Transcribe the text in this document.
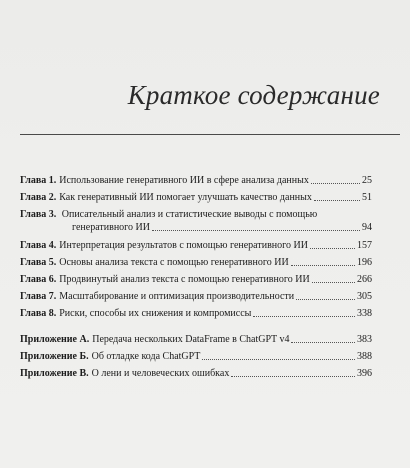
Краткое содержание
Глава 1. Использование генеративного ИИ в сфере анализа данных	25
Глава 2. Как генеративный ИИ помогает улучшать качество данных	51
Глава 3. Описательный анализ и статистические выводы с помощью
генеративного ИИ	94
Глава 4. Интерпретация результатов с помощью генеративного ИИ	157
Глава 5. Основы анализа текста с помощью генеративного ИИ	196
Глава 6. Продвинутый анализ текста с помощью генеративного ИИ	266
Глава 7. Масштабирование и оптимизация производительности	305
Глава 8. Риски, способы их снижения и компромиссы	338
Приложение А. Передача нескольких DataFrame в ChatGPT v4	383
Приложение Б. Об отладке кода ChatGPT	388
Приложение В. О лени и человеческих ошибках	396
